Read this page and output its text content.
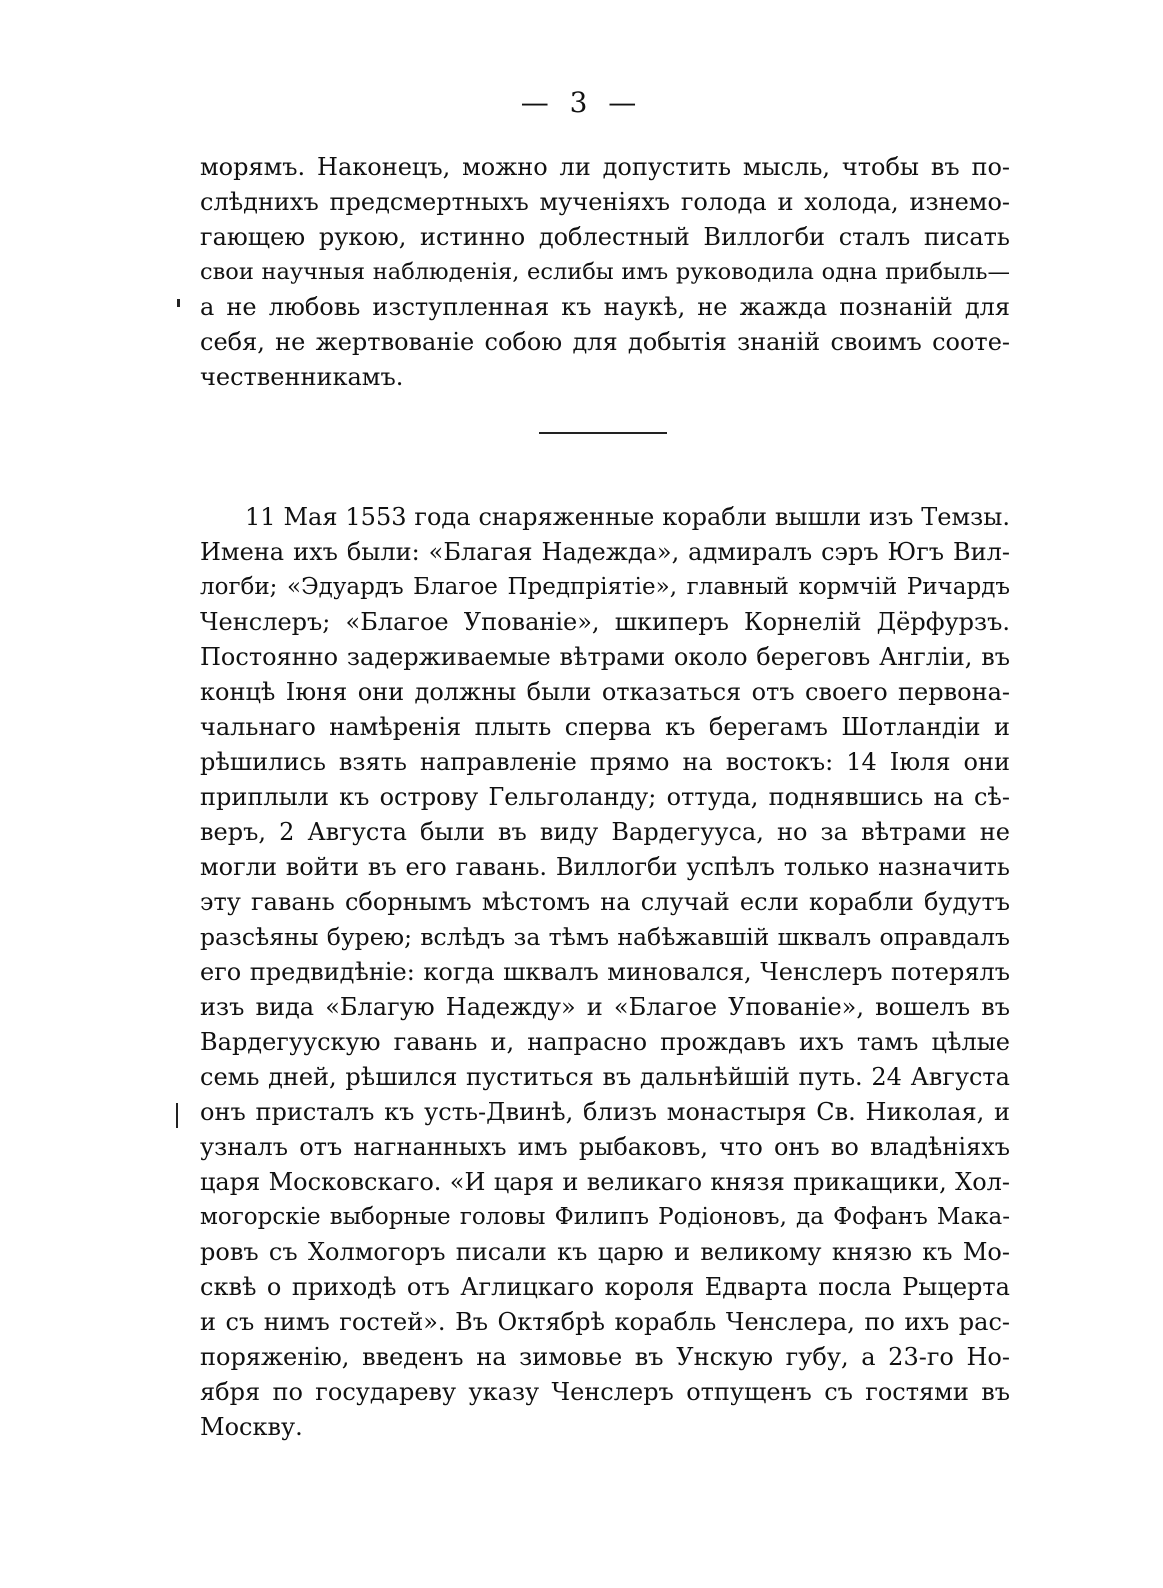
— 3 —
морямъ. Наконецъ, можно ли допустить мысль, чтобы въ по-
слѣднихъ предсмертныхъ мученіяхъ голода и холода, изнемо-
гающею рукою, истинно доблестный Виллогби сталъ писать
свои научныя наблюденія, еслибы имъ руководила одна прибыль—
а не любовь изступленная къ наукѣ, не жажда познаній для
себя, не жертвованіе собою для добытія знаній своимъ сооте-
чественникамъ.
11 Мая 1553 года снаряженные корабли вышли изъ Темзы.
Имена ихъ были: «Благая Надежда», адмиралъ сэръ Югъ Вил-
логби; «Эдуардъ Благое Предпріятіе», главный кормчій Ричардъ
Ченслеръ; «Благое Упованіе», шкиперъ Корнелій Дёрфурзъ.
Постоянно задерживаемые вѣтрами около береговъ Англіи, въ
концѣ Іюня они должны были отказаться отъ своего первона-
чальнаго намѣренія плыть сперва къ берегамъ Шотландіи и
рѣшились взять направленіе прямо на востокъ: 14 Іюля они
приплыли къ острову Гельголанду; оттуда, поднявшись на сѣ-
веръ, 2 Августа были въ виду Вардегууса, но за вѣтрами не
могли войти въ его гавань. Виллогби успѣлъ только назначить
эту гавань сборнымъ мѣстомъ на случай если корабли будутъ
разсѣяны бурею; вслѣдъ за тѣмъ набѣжавшій шквалъ оправдалъ
его предвидѣніе: когда шквалъ миновался, Ченслеръ потерялъ
изъ вида «Благую Надежду» и «Благое Упованіе», вошелъ въ
Вардегуускую гавань и, напрасно прождавъ ихъ тамъ цѣлые
семь дней, рѣшился пуститься въ дальнѣйшій путь. 24 Августа
онъ присталъ къ усть-Двинѣ, близъ монастыря Св. Николая, и
узналъ отъ нагнанныхъ имъ рыбаковъ, что онъ во владѣніяхъ
царя Московскаго. «И царя и великаго князя прикащики, Хол-
могорскіе выборные головы Филипъ Родіоновъ, да Фофанъ Мака-
ровъ съ Холмогоръ писали къ царю и великому князю къ Мо-
сквѣ о приходѣ отъ Аглицкаго короля Едварта посла Рыцерта
и съ нимъ гостей». Въ Октябрѣ корабль Ченслера, по ихъ рас-
поряженію, введенъ на зимовье въ Унскую губу, а 23-го Но-
ября по государеву указу Ченслеръ отпущенъ съ гостями въ
Москву.
